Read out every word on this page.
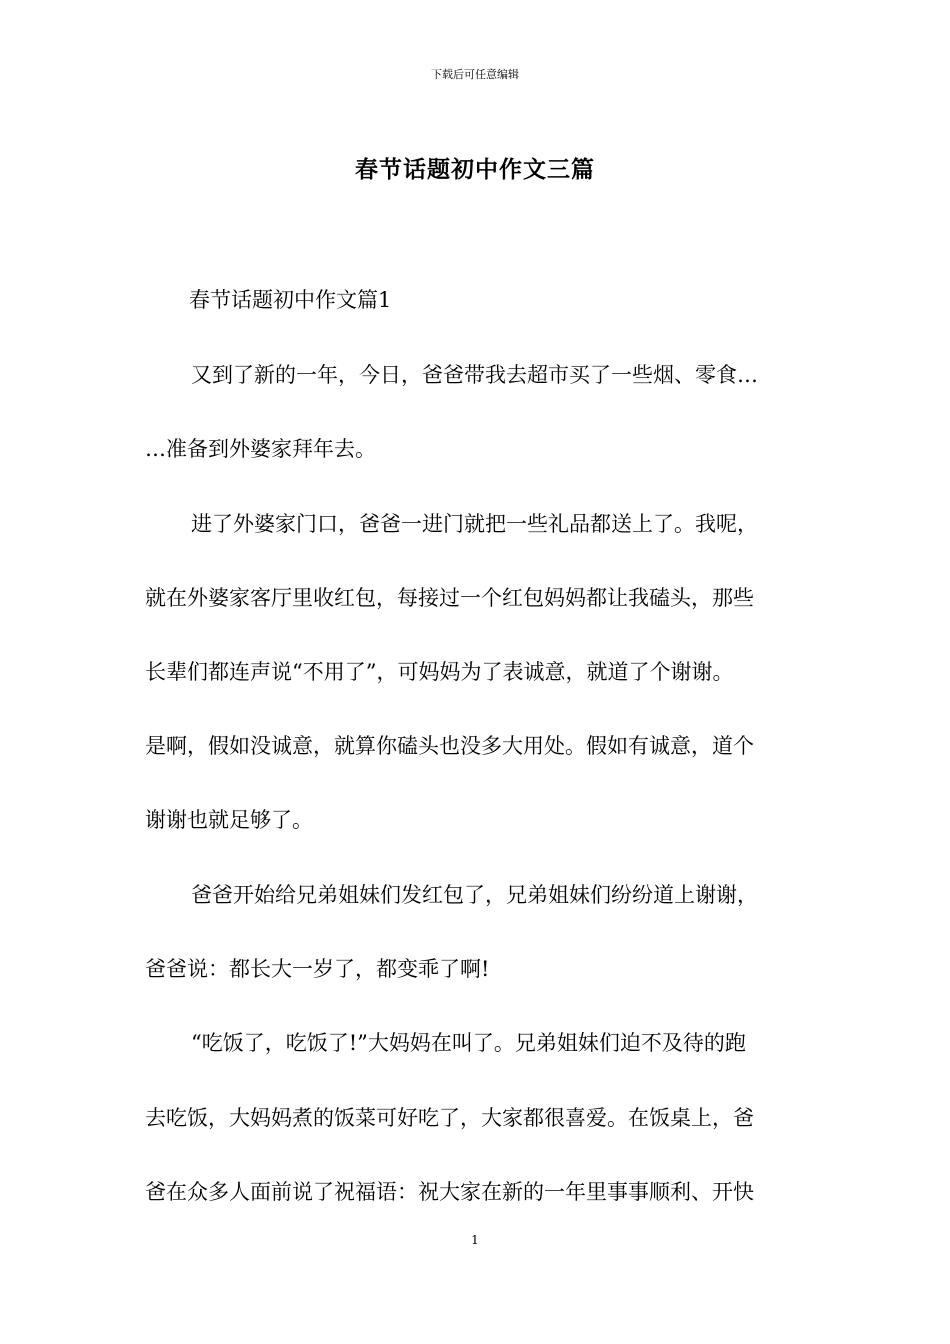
下载后可任意编辑
春节话题初中作文三篇
春节话题初中作文篇1
又到了新的一年，今日，爸爸带我去超市买了一些烟、零食…
…准备到外婆家拜年去。
进了外婆家门口，爸爸一进门就把一些礼品都送上了。我呢，
就在外婆家客厅里收红包，每接过一个红包妈妈都让我磕头，那些
长辈们都连声说“不用了”，可妈妈为了表诚意，就道了个谢谢。
是啊，假如没诚意，就算你磕头也没多大用处。假如有诚意，道个
谢谢也就足够了。
爸爸开始给兄弟姐妹们发红包了，兄弟姐妹们纷纷道上谢谢，
爸爸说：都长大一岁了，都变乖了啊!
“吃饭了，吃饭了!”大妈妈在叫了。兄弟姐妹们迫不及待的跑
去吃饭，大妈妈煮的饭菜可好吃了，大家都很喜爱。在饭桌上，爸
爸在众多人面前说了祝福语：祝大家在新的一年里事事顺利、开快
1
